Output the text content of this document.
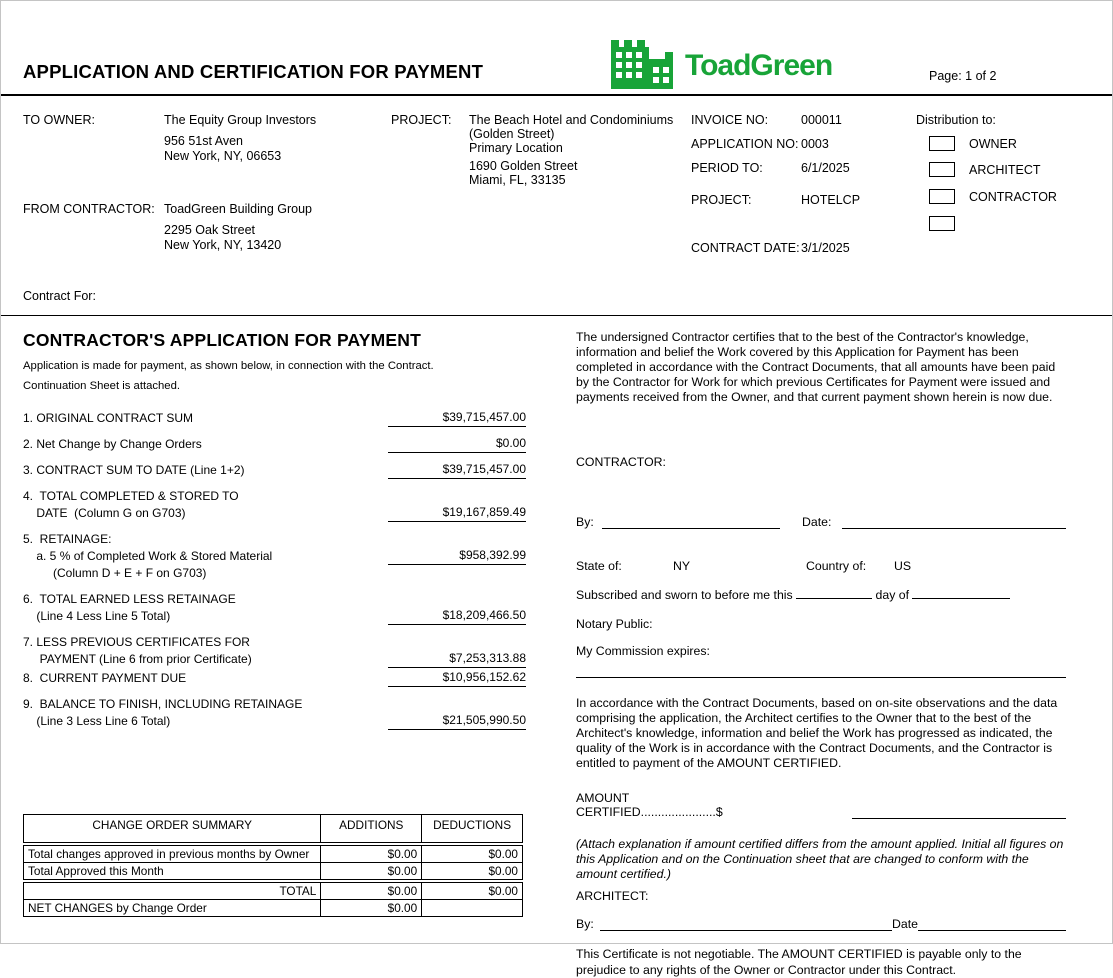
APPLICATION AND CERTIFICATION FOR PAYMENT	ToadGreen	Page: 1 of 2
TO OWNER:	The Equity Group Investors
956 51st Aven
New York, NY, 06653
FROM CONTRACTOR: ToadGreen Building Group
2295 Oak Street
New York, NY, 13420
PROJECT: The Beach Hotel and Condominiums
(Golden Street)
Primary Location
1690 Golden Street
Miami, FL, 33135
INVOICE NO:	000011
APPLICATION NO: 0003
PERIOD TO:	6/1/2025
PROJECT:	HOTELCP
CONTRACT DATE: 3/1/2025
Distribution to:
OWNER
ARCHITECT
CONTRACTOR
Contract For:
CONTRACTOR'S APPLICATION FOR PAYMENT
Application is made for payment, as shown below, in connection with the Contract.
Continuation Sheet is attached.
1. ORIGINAL CONTRACT SUM	$39,715,457.00
2. Net Change by Change Orders	$0.00
3. CONTRACT SUM TO DATE (Line 1+2)	$39,715,457.00
4.  TOTAL COMPLETED & STORED TO
DATE  (Column G on G703)	$19,167,859.49
5.  RETAINAGE:
a. 5 % of Completed Work & Stored Material	$958,392.99
(Column D + E + F on G703)
6.  TOTAL EARNED LESS RETAINAGE
(Line 4 Less Line 5 Total)	$18,209,466.50
7. LESS PREVIOUS CERTIFICATES FOR
PAYMENT (Line 6 from prior Certificate)	$7,253,313.88
8.  CURRENT PAYMENT DUE	$10,956,152.62
9.  BALANCE TO FINISH, INCLUDING RETAINAGE
(Line 3 Less Line 6 Total)	$21,505,990.50
CHANGE ORDER SUMMARY	ADDITIONS	DEDUCTIONS

Total changes approved in previous months by Owner	$0.00	$0.00
Total Approved this Month	$0.00	$0.00

TOTAL	$0.00	$0.00
NET CHANGES by Change Order	$0.00	
The undersigned Contractor certifies that to the best of the Contractor's knowledge, information and belief the Work covered by this Application for Payment has been completed in accordance with the Contract Documents, that all amounts have been paid by the Contractor for Work for which previous Certificates for Payment were issued and payments received from the Owner, and that current payment shown herein is now due.
CONTRACTOR:
By:	Date:
State of:	NY	Country of:	US
Subscribed and sworn to before me this	day of
Notary Public:
My Commission expires:
In accordance with the Contract Documents, based on on-site observations and the data comprising the application, the Architect certifies to the Owner that to the best of the Architect's knowledge, information and belief the Work has progressed as indicated, the quality of the Work is in accordance with the Contract Documents, and the Contractor is entitled to payment of the AMOUNT CERTIFIED.
AMOUNT CERTIFIED......................$
(Attach explanation if amount certified differs from the amount applied. Initial all figures on this Application and on the Continuation sheet that are changed to conform with the amount certified.)
ARCHITECT:
By:	Date
This Certificate is not negotiable. The AMOUNT CERTIFIED is payable only to the prejudice to any rights of the Owner or Contractor under this Contract.
